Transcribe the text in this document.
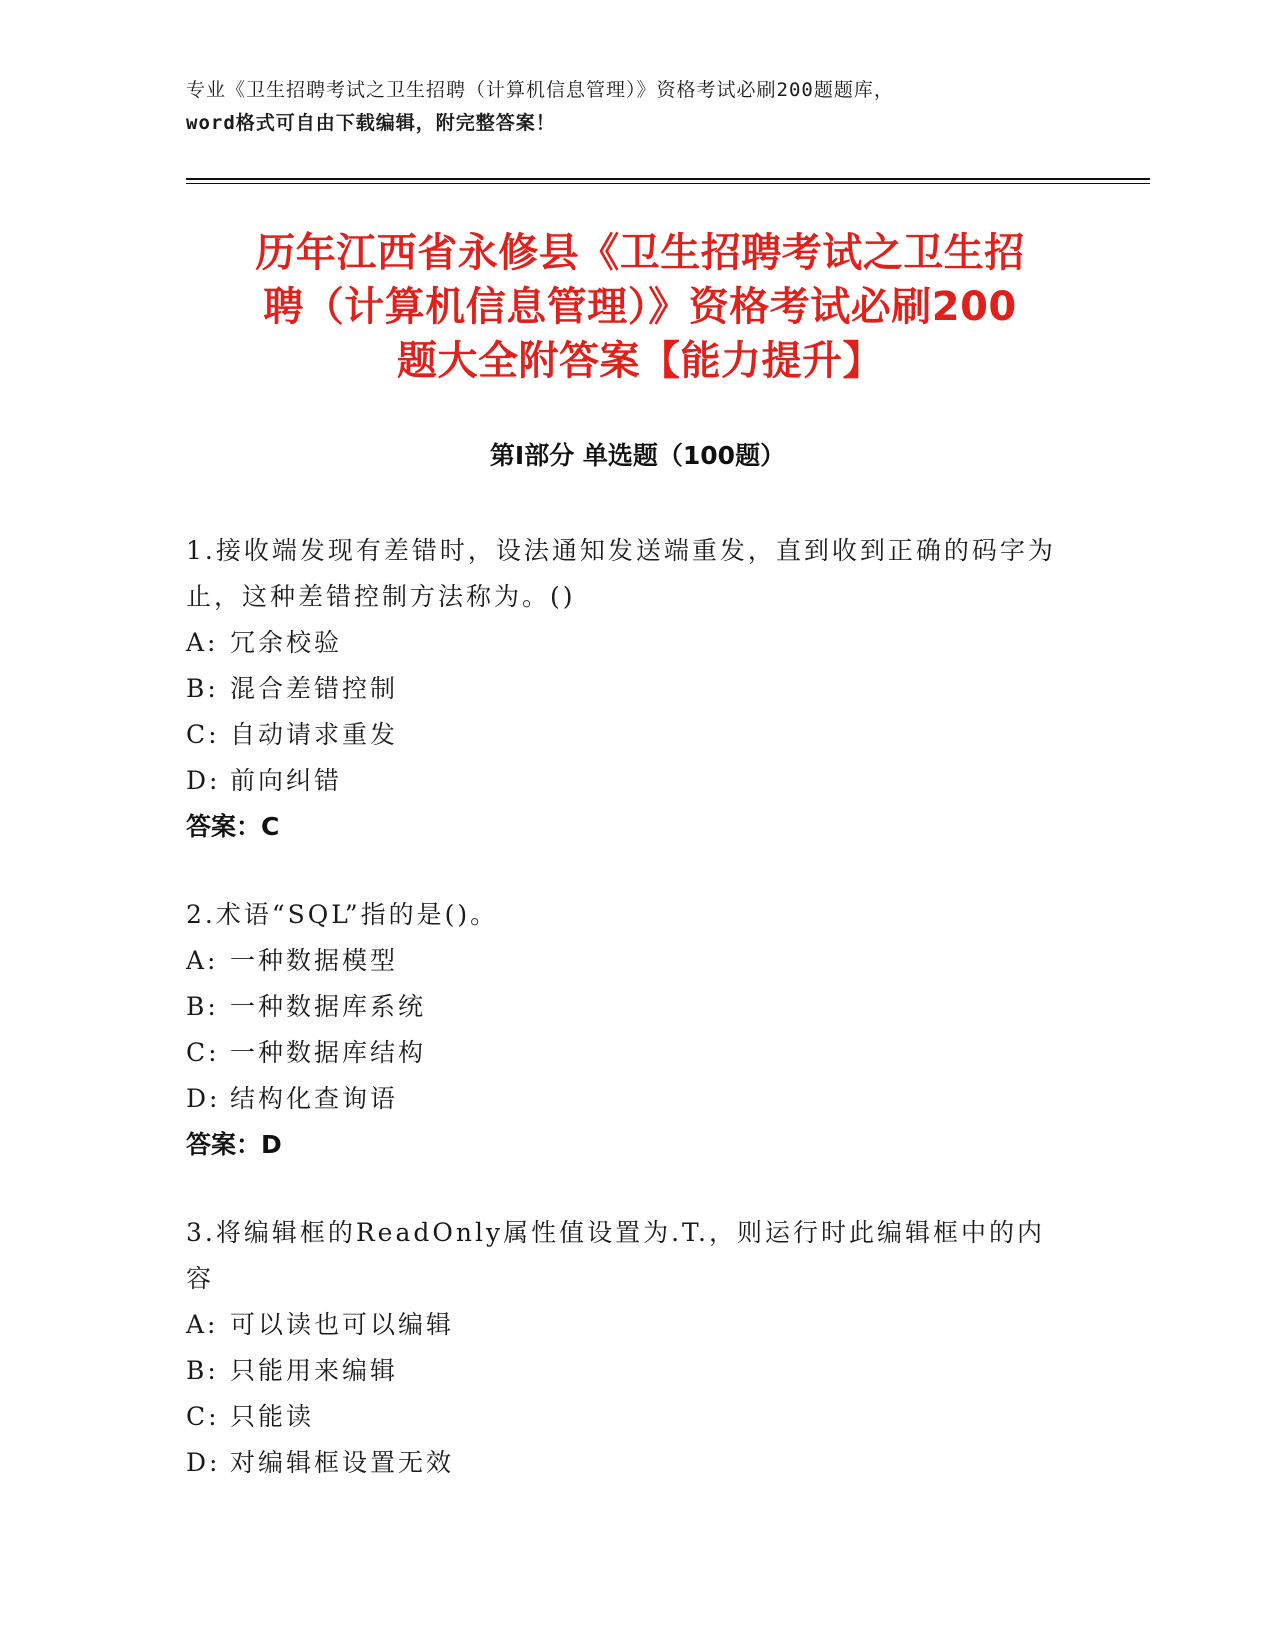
专业《卫生招聘考试之卫生招聘（计算机信息管理）》资格考试必刷200题题库，
word格式可自由下载编辑，附完整答案！
历年江西省永修县《卫生招聘考试之卫生招
聘（计算机信息管理）》资格考试必刷200
题大全附答案【能力提升】
第Ⅰ部分 单选题（100题）
1.接收端发现有差错时，设法通知发送端重发，直到收到正确的码字为止，这种差错控制方法称为。()
A: 冗余校验
B: 混合差错控制
C: 自动请求重发
D: 前向纠错
答案：C
2.术语“SQL”指的是()。
A: 一种数据模型
B: 一种数据库系统
C: 一种数据库结构
D: 结构化查询语
答案：D
3.将编辑框的ReadOnly属性值设置为.T.，则运行时此编辑框中的内容
A: 可以读也可以编辑
B: 只能用来编辑
C: 只能读
D: 对编辑框设置无效
